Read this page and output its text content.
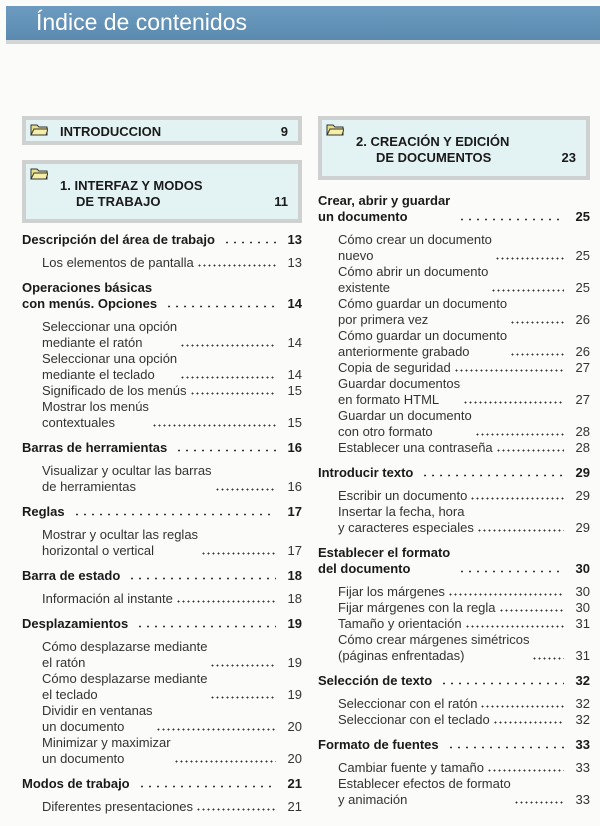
Índice de contenidos
INTRODUCCION	9
1. INTERFAZ Y MODOS
DE TRABAJO	11
Descripción del área de trabajo	13
Los elementos de pantalla	13
Operaciones básicas
con menús. Opciones	14
Seleccionar una opción
mediante el ratón	14
Seleccionar una opción
mediante el teclado	14
Significado de los menús	15
Mostrar los menús
contextuales	15
Barras de herramientas	16
Visualizar y ocultar las barras
de herramientas	16
Reglas	17
Mostrar y ocultar las reglas
horizontal o vertical	17
Barra de estado	18
Información al instante	18
Desplazamientos	19
Cómo desplazarse mediante
el ratón	19
Cómo desplazarse mediante
el teclado	19
Dividir en ventanas
un documento	20
Minimizar y maximizar
un documento	20
Modos de trabajo	21
Diferentes presentaciones	21
2. CREACIÓN Y EDICIÓN
DE DOCUMENTOS	23
Crear, abrir y guardar
un documento	25
Cómo crear un documento
nuevo	25
Cómo abrir un documento
existente	25
Cómo guardar un documento
por primera vez	26
Cómo guardar un documento
anteriormente grabado	26
Copia de seguridad	27
Guardar documentos
en formato HTML	27
Guardar un documento
con otro formato	28
Establecer una contraseña	28
Introducir texto	29
Escribir un documento	29
Insertar la fecha, hora
y caracteres especiales	29
Establecer el formato
del documento	30
Fijar los márgenes	30
Fijar márgenes con la regla	30
Tamaño y orientación	31
Cómo crear márgenes simétricos
(páginas enfrentadas)	31
Selección de texto	32
Seleccionar con el ratón	32
Seleccionar con el teclado	32
Formato de fuentes	33
Cambiar fuente y tamaño	33
Establecer efectos de formato
y animación	33
